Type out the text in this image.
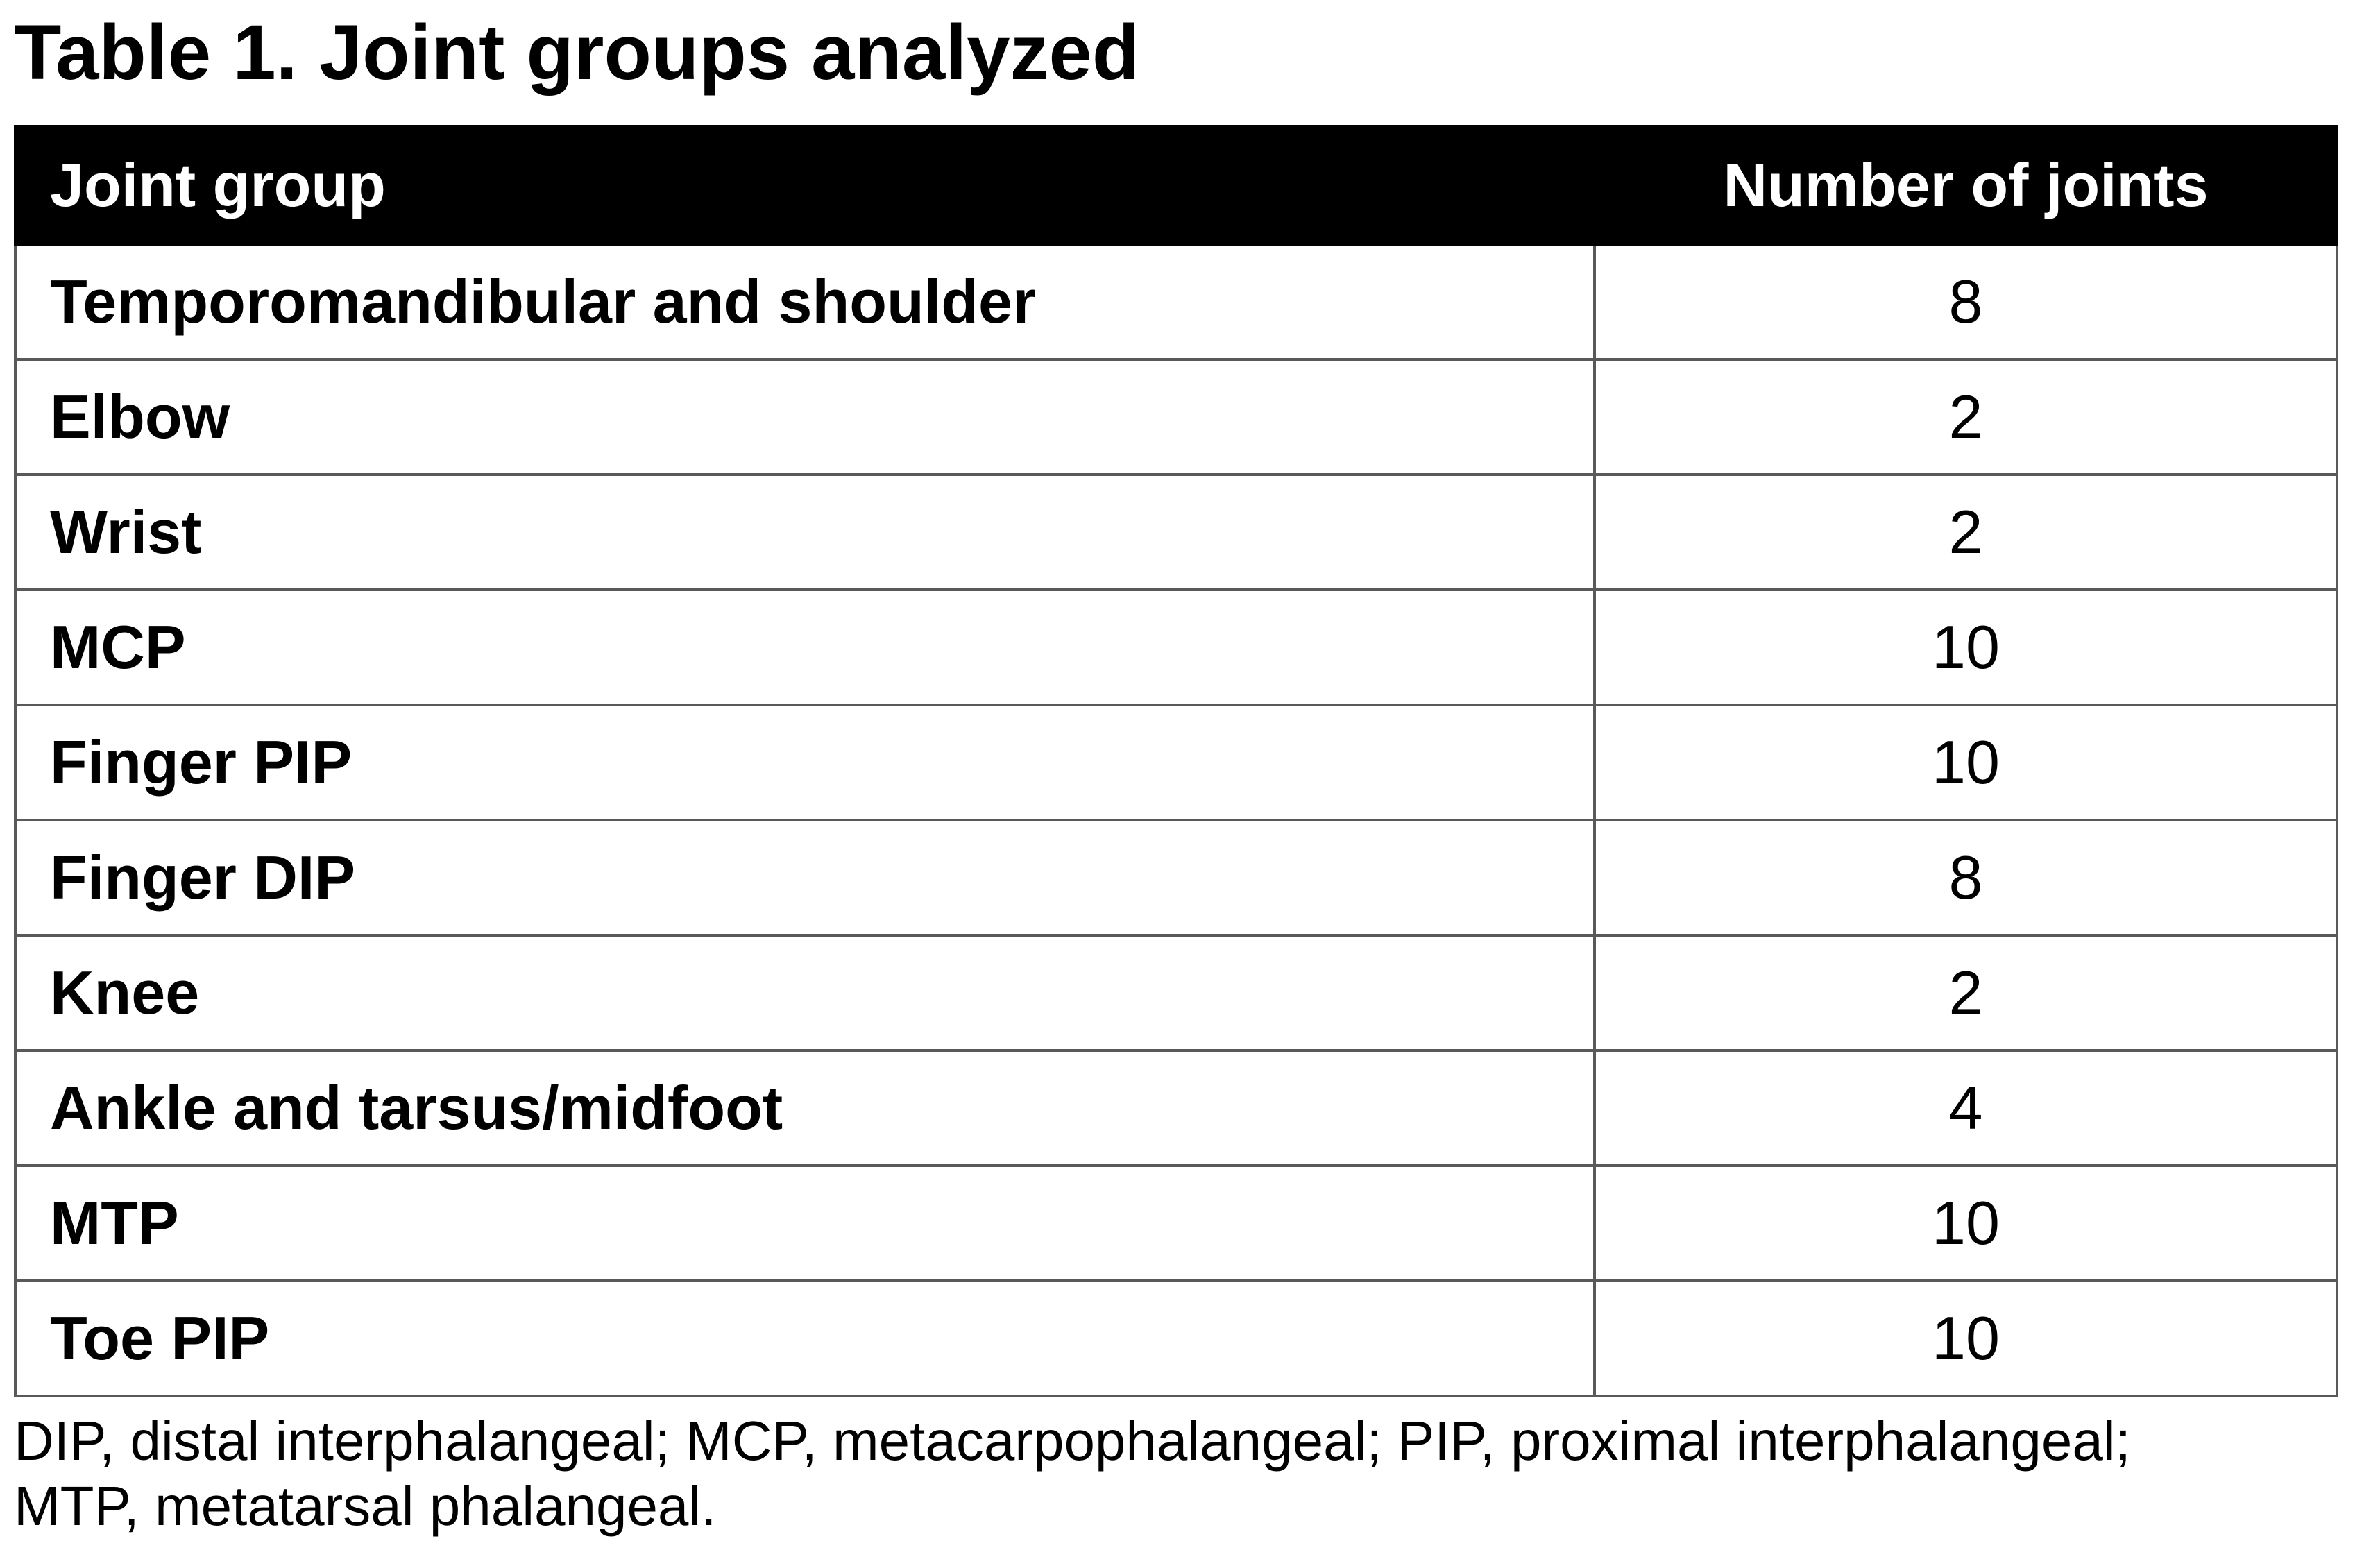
Table 1. Joint groups analyzed
Joint group	Number of joints
Temporomandibular and shoulder	8
Elbow	2
Wrist	2
MCP	10
Finger PIP	10
Finger DIP	8
Knee	2
Ankle and tarsus/midfoot	4
MTP	10
Toe PIP	10

DIP, distal interphalangeal; MCP, metacarpophalangeal; PIP, proximal interphalangeal;
MTP, metatarsal phalangeal.
